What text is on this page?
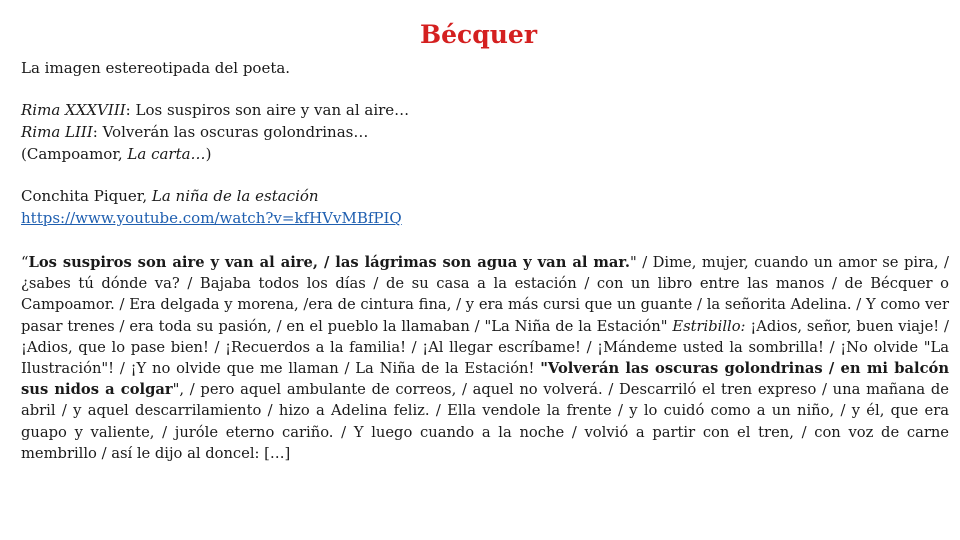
Bécquer

La imagen estereotipada del poeta.

Rima XXXVIII: Los suspiros son aire y van al aire…
Rima LIII: Volverán las oscuras golondrinas…
(Campoamor, La carta…)
Conchita Piquer, La niña de la estación
https://www.youtube.com/watch?v=kfHVvMBfPIQ

“Los suspiros son aire y van al aire, / las lágrimas son agua y van al mar." / Dime, mujer, cuando un amor se pira, /¿sabes tú dónde va? / Bajaba todos los días / de su casa a la estación / con un libro entre las manos / de Bécquer o Campoamor. / Era delgada y morena, /era de cintura fina, / y era más cursi que un guante / la señorita Adelina. / Y como ver pasar trenes / era toda su pasión, / en el pueblo la llamaban / "La Niña de la Estación" Estribillo: ¡Adios, señor, buen viaje! /¡Adios, que lo pase bien! / ¡Recuerdos a la familia! / ¡Al llegar escríbame! / ¡Mándeme usted la sombrilla! / ¡No olvide "La Ilustración"! / ¡Y no olvide que me llaman / La Niña de la Estación! "Volverán las oscuras golondrinas / en mi balcón sus nidos a colgar", / pero aquel ambulante de correos, / aquel no volverá. / Descarriló el tren expreso / una mañana de abril / y aquel descarrilamiento / hizo a Adelina feliz. / Ella vendole la frente / y lo cuidó como a un niño, / y él, que era guapo y valiente, / juróle eterno cariño. / Y luego cuando a la noche / volvió a partir con el tren, / con voz de carne membrillo / así le dijo al doncel: […]
